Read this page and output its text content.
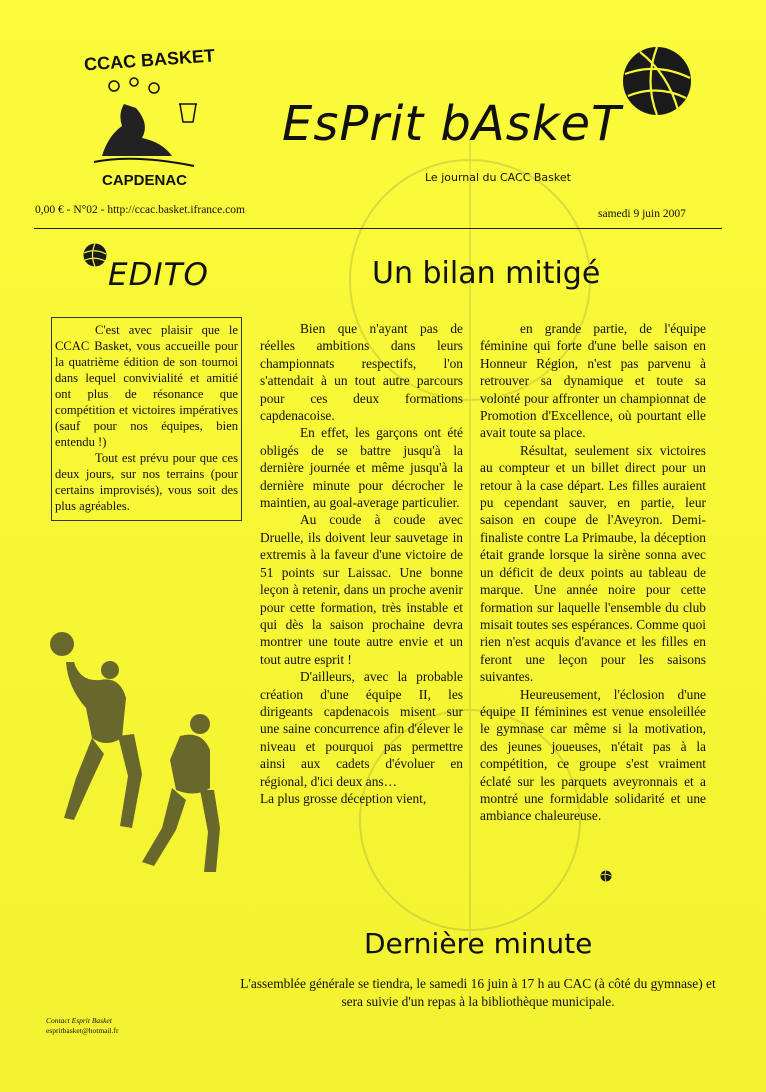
CCAC BASKET
CAPDENAC
EsPrit bAskeT
Le journal du CACC Basket
0,00 € - N°02 - http://ccac.basket.ifrance.com	samedi 9 juin 2007
EDITO

C'est avec plaisir que le CCAC Basket, vous accueille pour la quatrième édition de son tournoi dans lequel convivialité et amitié ont plus de résonance que compétition et victoires impératives (sauf pour nos équipes, bien entendu !)

Tout est prévu pour que ces deux jours, sur nos terrains (pour certains improvisés), vous soit des plus agréables.

Un bilan mitigé

Bien que n'ayant pas de réelles ambitions dans leurs championnats respectifs, l'on s'attendait à un tout autre parcours pour ces deux formations capdenacoise.

En effet, les garçons ont été obligés de se battre jusqu'à la dernière journée et même jusqu'à la dernière minute pour décrocher le maintien, au goal-average particulier.

Au coude à coude avec Druelle, ils doivent leur sauvetage in extremis à la faveur d'une victoire de 51 points sur Laissac. Une bonne leçon à retenir, dans un proche avenir pour cette formation, très instable et qui dès la saison prochaine devra montrer une toute autre envie et un tout autre esprit !

D'ailleurs, avec la probable création d'une équipe II, les dirigeants capdenacois misent sur une saine concurrence afin d'élever le niveau et pourquoi pas permettre ainsi aux cadets d'évoluer en régional, d'ici deux ans…

La plus grosse déception vient,

en grande partie, de l'équipe féminine qui forte d'une belle saison en Honneur Région, n'est pas parvenu à retrouver sa dynamique et toute sa volonté pour affronter un championnat de Promotion d'Excellence, où pourtant elle avait toute sa place.

Résultat, seulement six victoires au compteur et un billet direct pour un retour à la case départ. Les filles auraient pu cependant sauver, en partie, leur saison en coupe de l'Aveyron. Demi-finaliste contre La Primaube, la déception était grande lorsque la sirène sonna avec un déficit de deux points au tableau de marque. Une année noire pour cette formation sur laquelle l'ensemble du club misait toutes ses espérances. Comme quoi rien n'est acquis d'avance et les filles en feront une leçon pour les saisons suivantes.

Heureusement, l'éclosion d'une équipe II féminines est venue ensoleillée le gymnase car même si la motivation, des jeunes joueuses, n'était pas à la compétition, ce groupe s'est vraiment éclaté sur les parquets aveyronnais et a montré une formidable solidarité et une ambiance chaleureuse.

Dernière minute
L'assemblée générale se tiendra, le samedi 16 juin à 17 h au CAC (à côté du gymnase) et sera suivie d'un repas à la bibliothèque municipale.
Contact Esprit Basket
espritbasket@hotmail.fr
